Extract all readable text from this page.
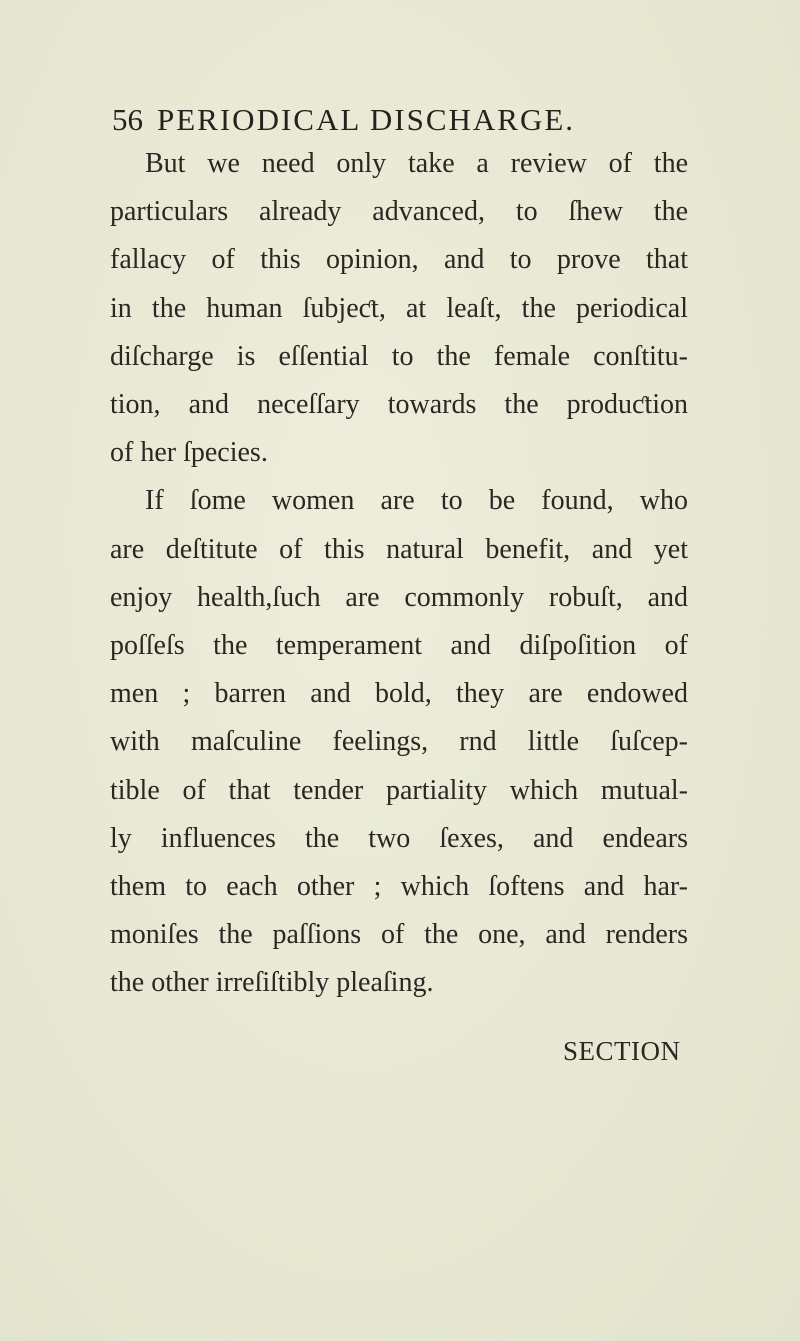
56 PERIODICAL DISCHARGE.
But we need only take a review of the
particulars already advanced, to ſhew the
fallacy of this opinion, and to prove that
in the human ſubjeƈt, at leaſt, the periodical
diſcharge is eſſential to the female conſtitu-
tion, and neceſſary towards the produƈtion
of her ſpecies.
If ſome women are to be found, who
are deſtitute of this natural benefit, and yet
enjoy health,ſuch are commonly robuſt, and
poſſeſs the temperament and diſpoſition of
men ; barren and bold, they are endowed
with maſculine feelings, rnd little ſuſcep-
tible of that tender partiality which mutual-
ly influences the two ſexes, and endears
them to each other ; which ſoftens and har-
moniſes the paſſions of the one, and renders
the other irreſiſtibly pleaſing.
SECTION
